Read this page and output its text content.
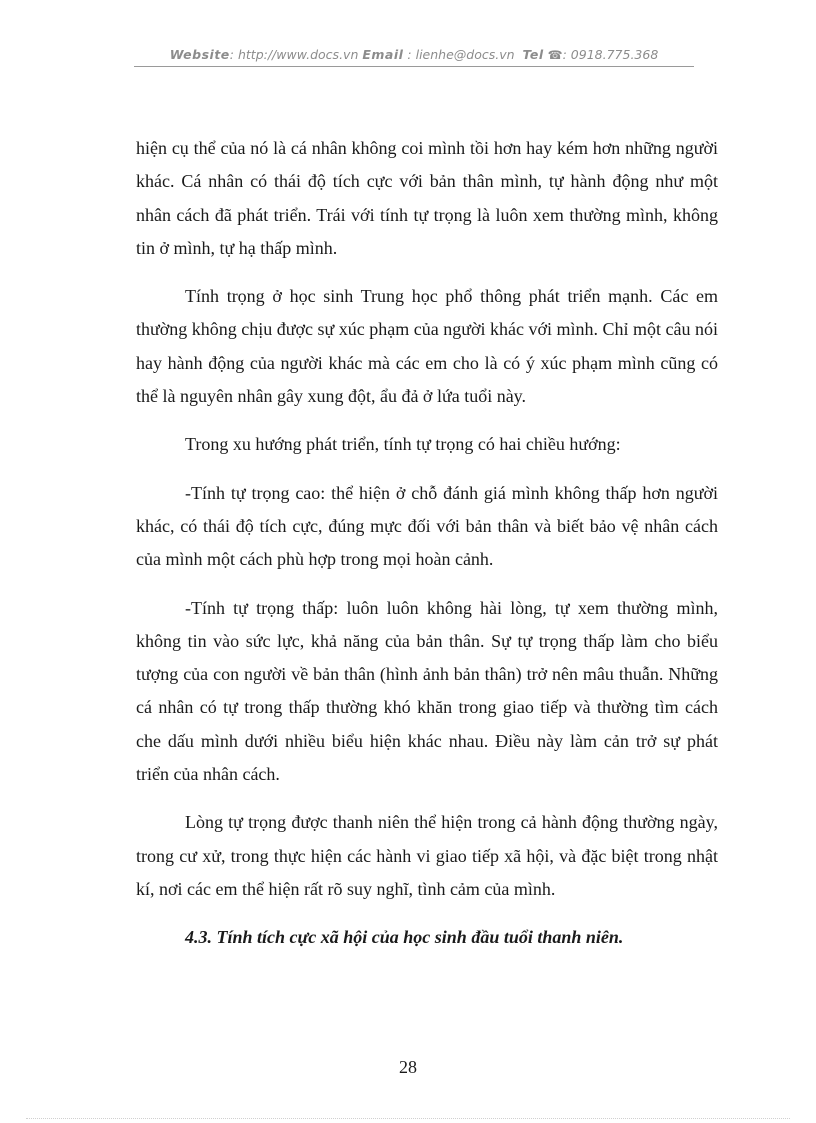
Website: http://www.docs.vn Email : lienhe@docs.vn Tel ☎: 0918.775.368

hiện cụ thể của nó là cá nhân không coi mình tồi hơn hay kém hơn những người khác. Cá nhân có thái độ tích cực với bản thân mình, tự hành động như một nhân cách đã phát triển. Trái với tính tự trọng là luôn xem thường mình, không tin ở mình, tự hạ thấp mình.

Tính trọng ở học sinh Trung học phổ thông phát triển mạnh. Các em thường không chịu được sự xúc phạm của người khác với mình. Chỉ một câu nói hay hành động của người khác mà các em cho là có ý xúc phạm mình cũng có thể là nguyên nhân gây xung đột, ẩu đả ở lứa tuổi này.

Trong xu hướng phát triển, tính tự trọng có hai chiều hướng:

-Tính tự trọng cao: thể hiện ở chỗ đánh giá mình không thấp hơn người khác, có thái độ tích cực, đúng mực đối với bản thân và biết bảo vệ nhân cách của mình một cách phù hợp trong mọi hoàn cảnh.

-Tính tự trọng thấp: luôn luôn không hài lòng, tự xem thường mình, không tin vào sức lực, khả năng của bản thân. Sự tự trọng thấp làm cho biểu tượng của con người về bản thân (hình ảnh bản thân) trở nên mâu thuẫn. Những cá nhân có tự trong thấp thường khó khăn trong giao tiếp và thường tìm cách che dấu mình dưới nhiều biểu hiện khác nhau. Điều này làm cản trở sự phát triển của nhân cách.

Lòng tự trọng được thanh niên thể hiện trong cả hành động thường ngày, trong cư xử, trong thực hiện các hành vi giao tiếp xã hội, và đặc biệt trong nhật kí, nơi các em thể hiện rất rõ suy nghĩ, tình cảm của mình.

4.3. Tính tích cực xã hội của học sinh đầu tuổi thanh niên.

28
